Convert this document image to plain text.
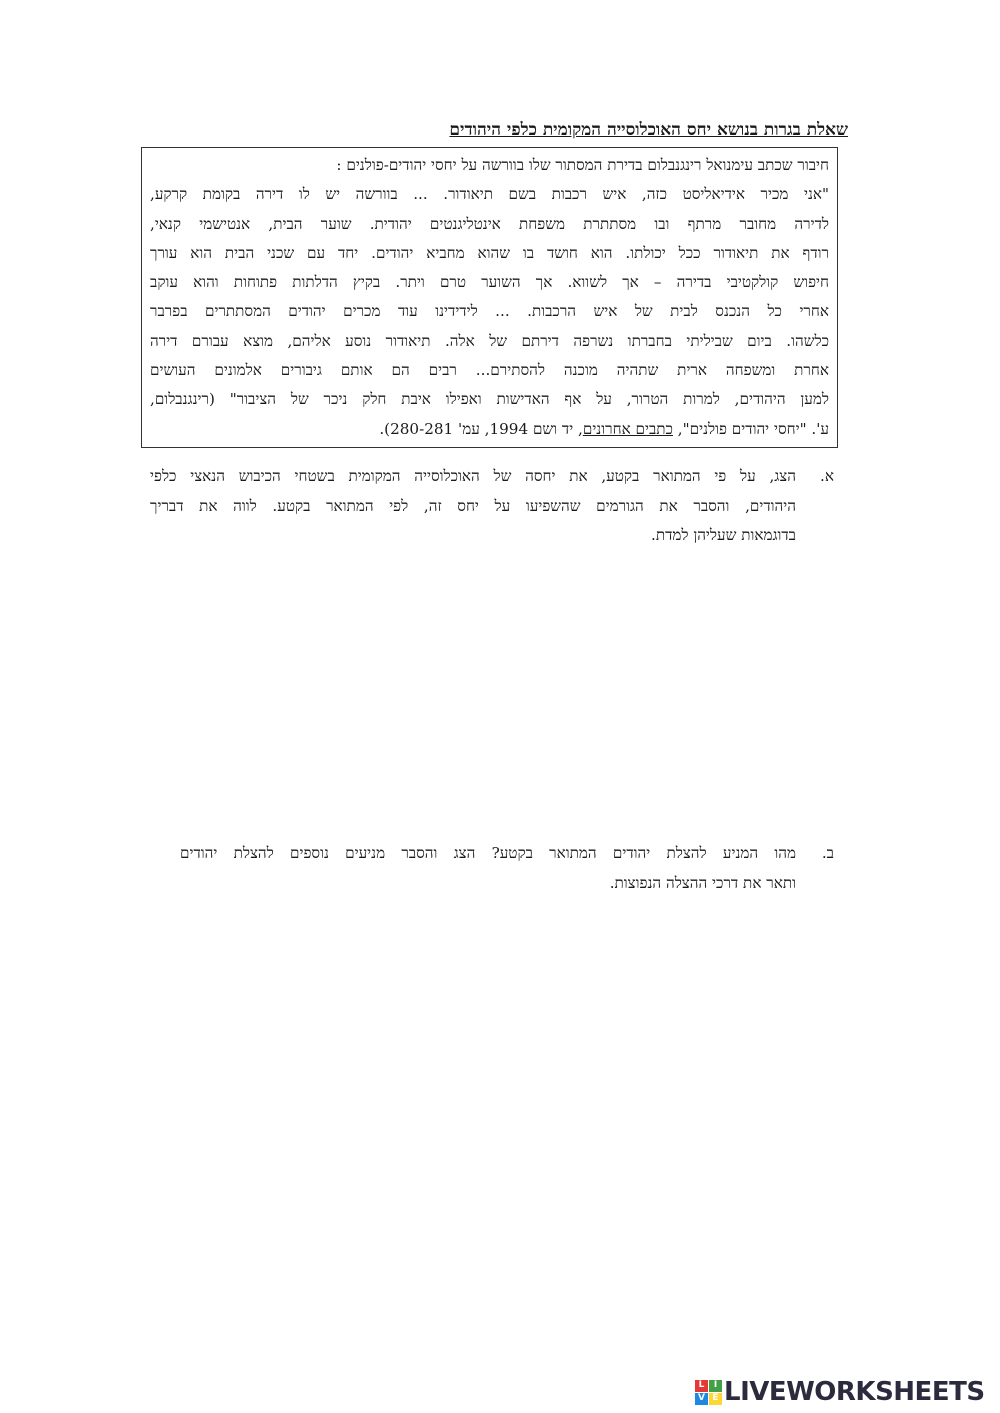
שאלת בגרות בנושא יחס האוכלוסייה המקומית כלפי היהודים
חיבור שכתב עימנואל רינגנבלום בדירת המסתור שלו בוורשה על יחסי יהודים-פולנים :
"אני מכיר אידיאליסט כזה, איש רכבות בשם תיאודור. ... בוורשה יש לו דירה בקומת קרקע,
לדירה מחובר מרתף ובו מסתתרת משפחת אינטליגנטים יהודית. שוער הבית, אנטישמי קנאי,
רודף את תיאודור ככל יכולתו. הוא חושד בו שהוא מחביא יהודים. יחד עם שכני הבית הוא עורך
חיפוש קולקטיבי בדירה – אך לשווא. אך השוער טרם ויתר. בקיץ הדלתות פתוחות והוא עוקב
אחרי כל הנכנס לבית של איש הרכבות. ... לידידינו עוד מכרים יהודים המסתתרים בפרבר
כלשהו. ביום שביליתי בחברתו נשרפה דירתם של אלה. תיאודור נוסע אליהם, מוצא עבורם דירה
אחרת ומשפחה ארית שתהיה מוכנה להסתירם... רבים הם אותם גיבורים אלמונים העושים
למען היהודים, למרות הטרור, על אף האדישות ואפילו איבת חלק ניכר של הציבור" (רינגנבלום,
ע'. "יחסי יהודים פולנים", כתבים אחרונים, יד ושם 1994, עמ' 280-281).
א.
הצג, על פי המתואר בקטע, את יחסה של האוכלוסייה המקומית בשטחי הכיבוש הנאצי כלפי
היהודים, והסבר את הגורמים שהשפיעו על יחס זה, לפי המתואר בקטע. לווה את דבריך
בדוגמאות שעליהן למדת.
ב.
מהו המניע להצלת יהודים המתואר בקטע? הצג והסבר מניעים נוספים להצלת יהודים
ותאר את דרכי ההצלה הנפוצות.
L	I
V E LIVEWORKSHEETS
